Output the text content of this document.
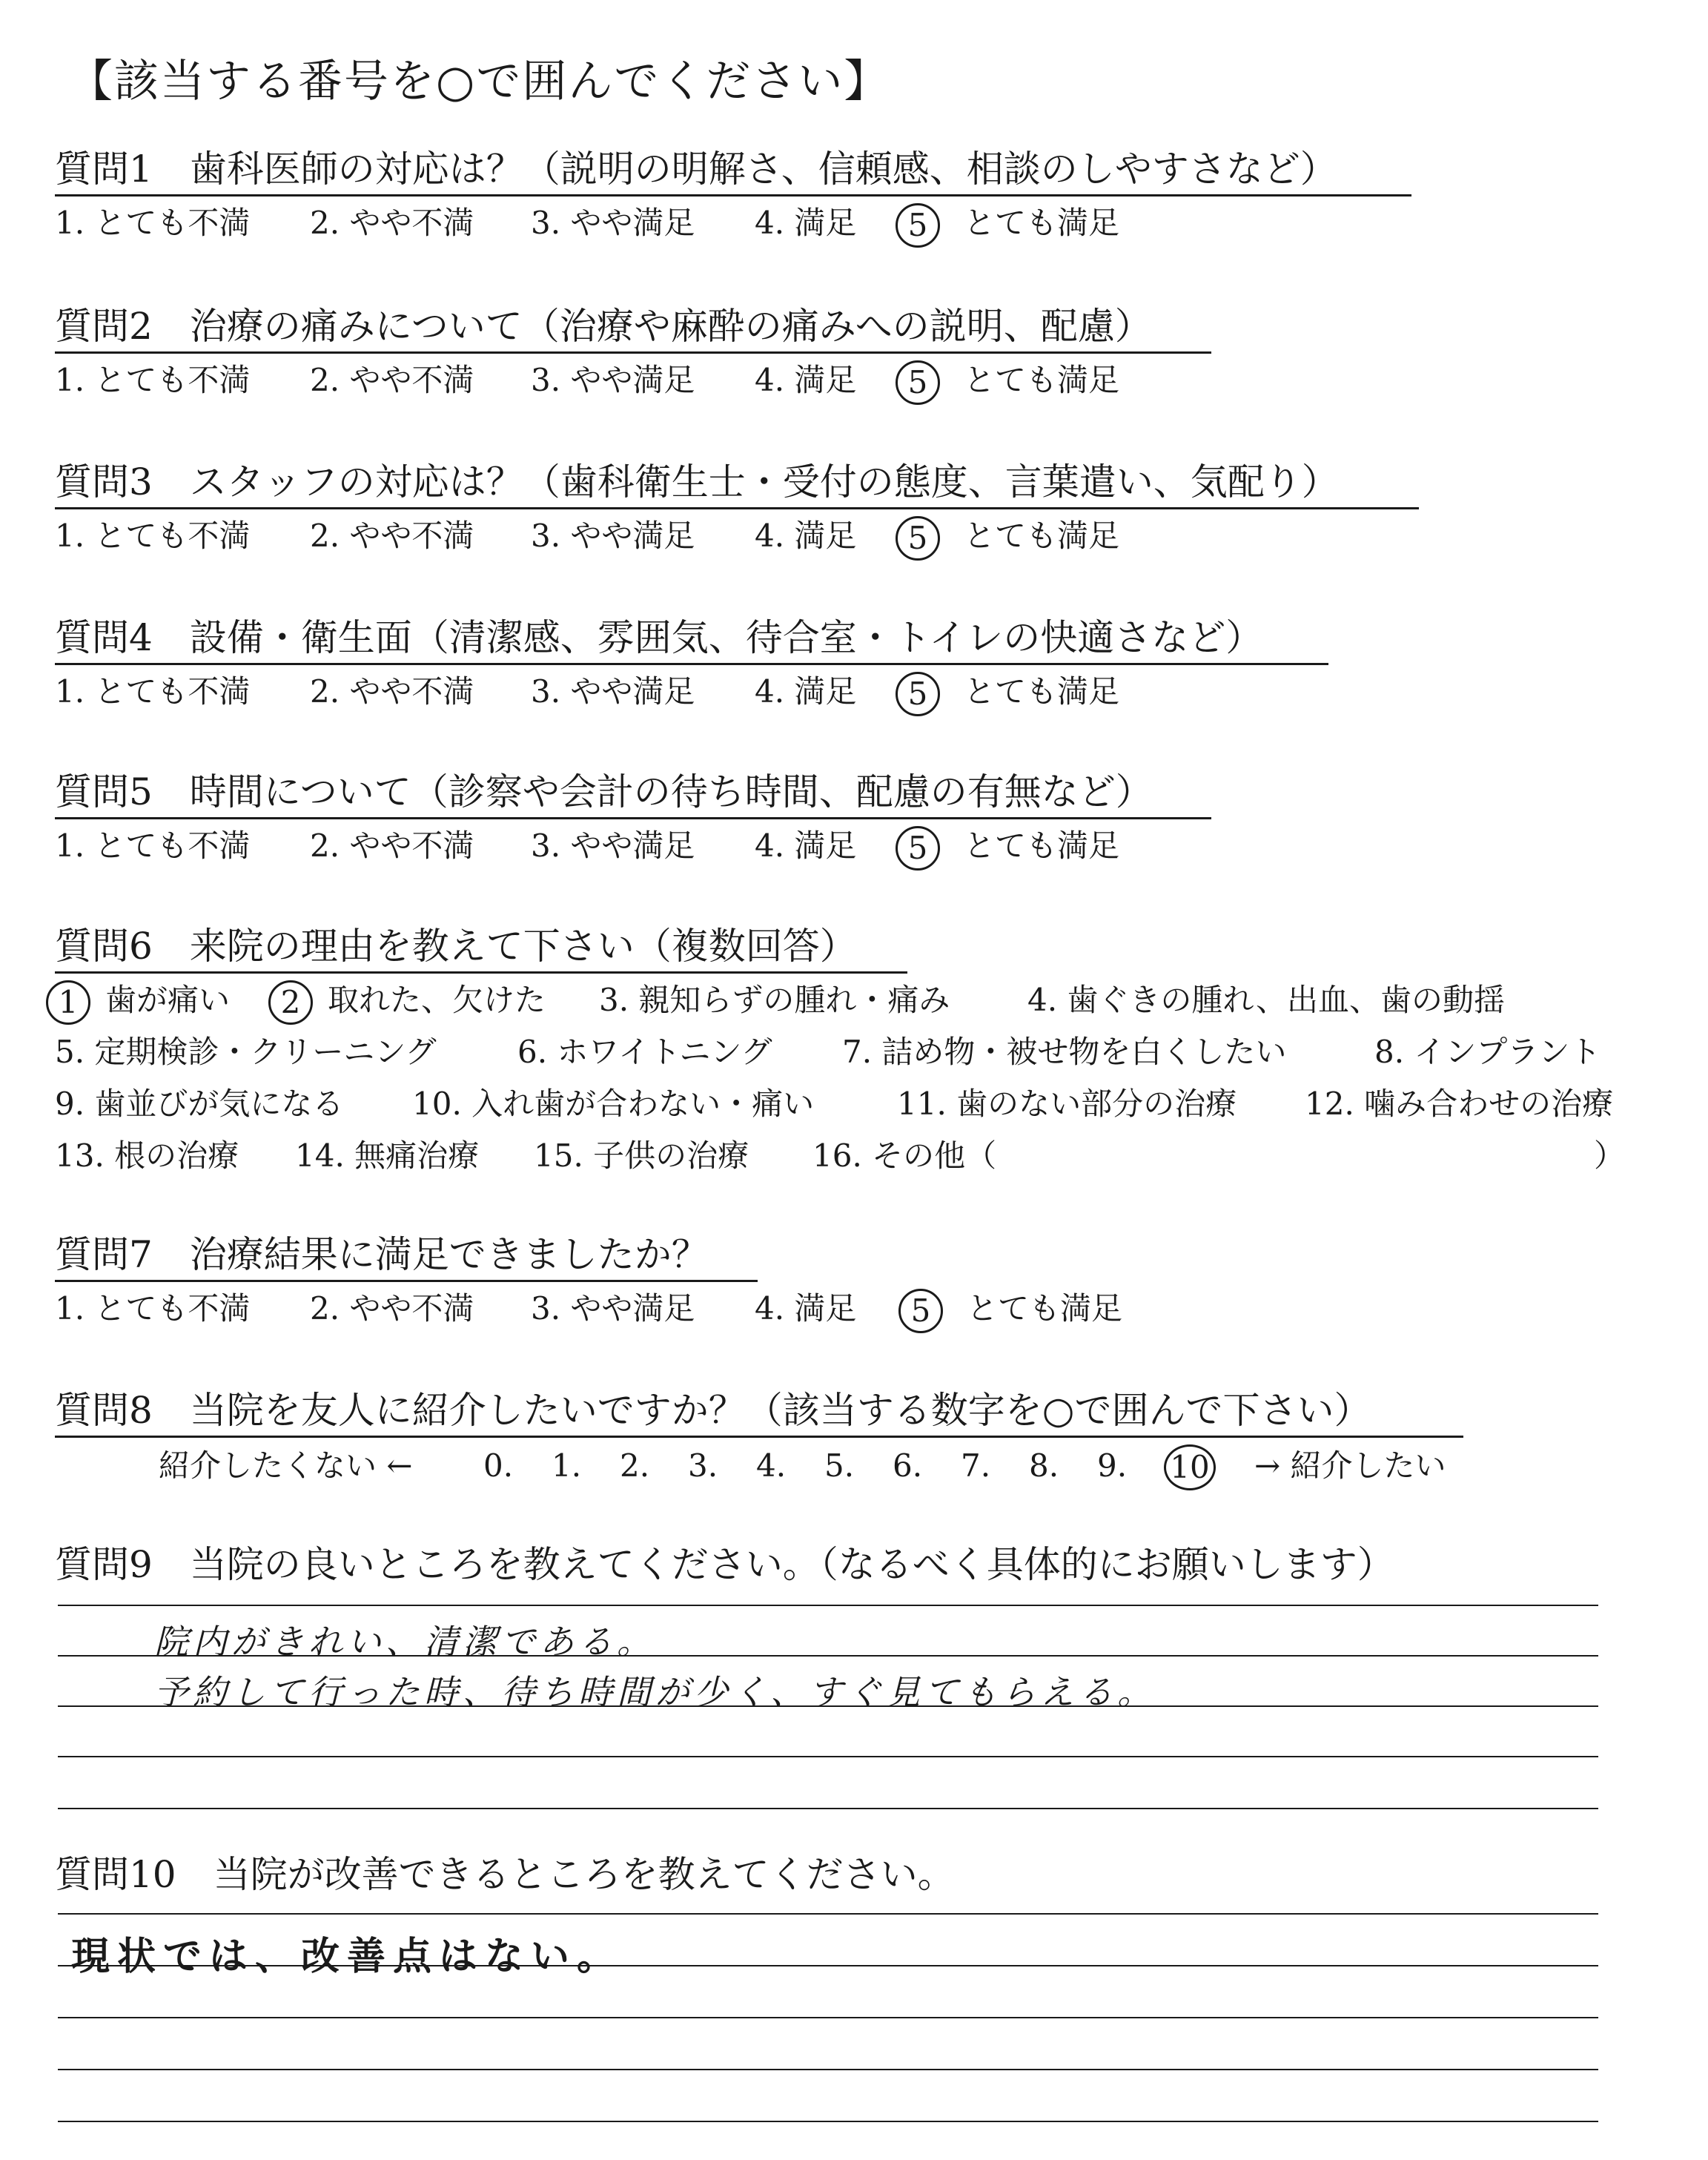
【該当する番号を○で囲んでください】
質問1　歯科医師の対応は？（説明の明解さ、信頼感、相談のしやすさなど）
1. とても不満 2. やや不満 3. やや満足 4. 満足	5	とても満足
質問2　治療の痛みについて（治療や麻酔の痛みへの説明、配慮）
1. とても不満 2. やや不満 3. やや満足 4. 満足	5	とても満足
質問3　スタッフの対応は？（歯科衛生士・受付の態度、言葉遣い、気配り）
1. とても不満 2. やや不満 3. やや満足 4. 満足	5	とても満足
質問4　設備・衛生面（清潔感、雰囲気、待合室・トイレの快適さなど）
1. とても不満 2. やや不満 3. やや満足 4. 満足	5	とても満足
質問5　時間について（診察や会計の待ち時間、配慮の有無など）
1. とても不満 2. やや不満 3. やや満足 4. 満足	5	とても満足
質問6　来院の理由を教えて下さい（複数回答）
1 歯が痛い	2 取れた、欠けた 3. 親知らずの腫れ・痛み 4. 歯ぐきの腫れ、出血、歯の動揺
5. 定期検診・クリーニング	6. ホワイトニング 7. 詰め物・被せ物を白くしたい	8. インプラント
9. 歯並びが気になる 10. 入れ歯が合わない・痛い	11. 歯のない部分の治療 12. 噛み合わせの治療
13. 根の治療 14. 無痛治療 15. 子供の治療 16. その他（	）
質問7　治療結果に満足できましたか？
1. とても不満 2. やや不満 3. やや満足 4. 満足	5	とても満足
質問8　当院を友人に紹介したいですか？（該当する数字を○で囲んで下さい）
紹介したくない ← 0. 1. 2. 3. 4. 5. 6. 7. 8. 9. 10 → 紹介したい
質問9　当院の良いところを教えてください。（なるべく具体的にお願いします）
院内がきれい、清潔である。
予約して行った時、待ち時間が少く、すぐ見てもらえる。
質問10　当院が改善できるところを教えてください。
現状では、改善点はない。
